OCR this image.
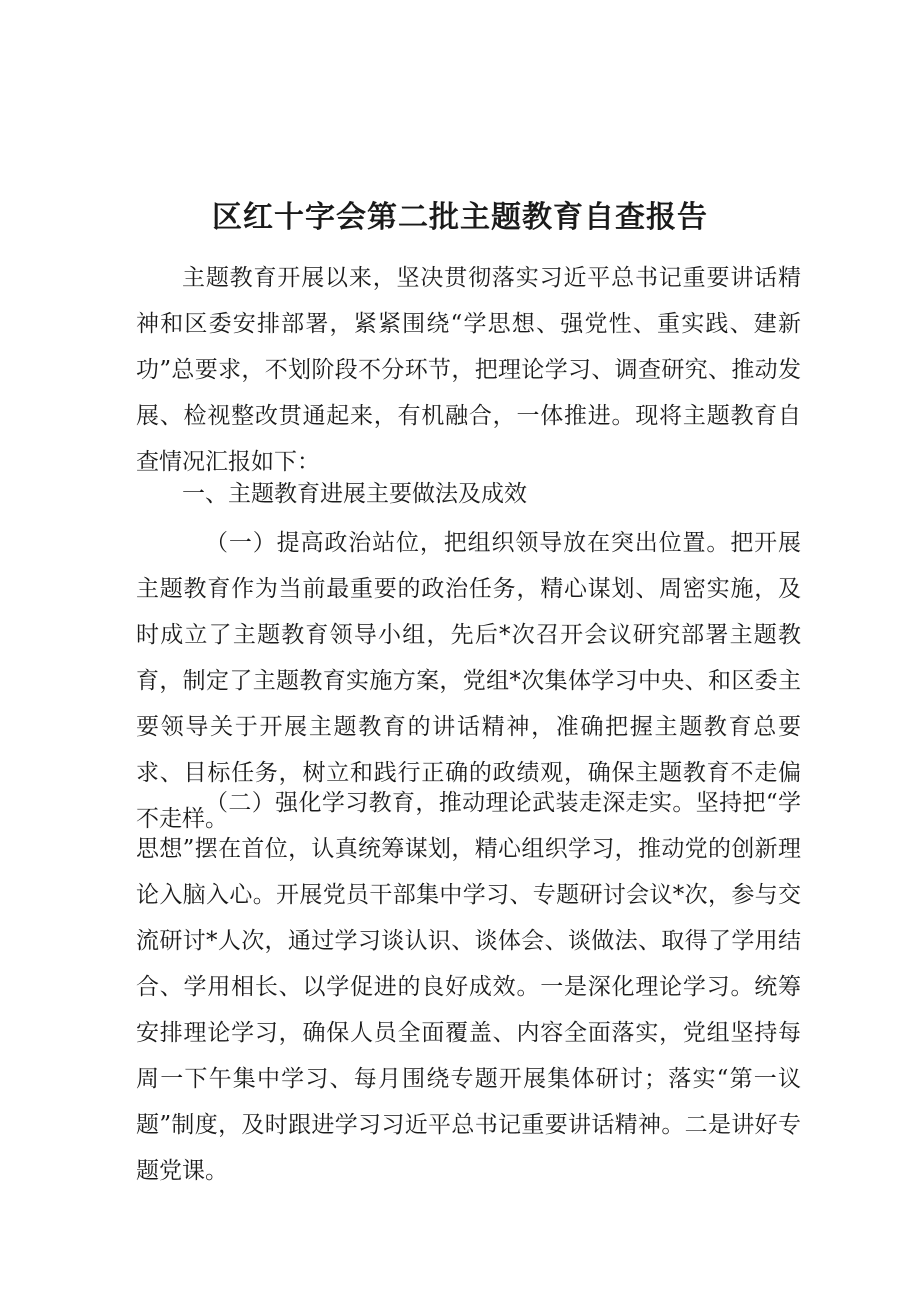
区红十字会第二批主题教育自查报告

主题教育开展以来，坚决贯彻落实习近平总书记重要讲话精神和区委安排部署，紧紧围绕“学思想、强党性、重实践、建新功”总要求，不划阶段不分环节，把理论学习、调查研究、推动发展、检视整改贯通起来，有机融合，一体推进。现将主题教育自查情况汇报如下：

一、主题教育进展主要做法及成效

（一）提高政治站位，把组织领导放在突出位置。把开展主题教育作为当前最重要的政治任务，精心谋划、周密实施，及时成立了主题教育领导小组，先后*次召开会议研究部署主题教育，制定了主题教育实施方案，党组*次集体学习中央、和区委主要领导关于开展主题教育的讲话精神，准确把握主题教育总要求、目标任务，树立和践行正确的政绩观，确保主题教育不走偏不走样。

（二）强化学习教育，推动理论武装走深走实。坚持把“学思想”摆在首位，认真统筹谋划，精心组织学习，推动党的创新理论入脑入心。开展党员干部集中学习、专题研讨会议*次，参与交流研讨*人次，通过学习谈认识、谈体会、谈做法、取得了学用结合、学用相长、以学促进的良好成效。一是深化理论学习。统筹安排理论学习，确保人员全面覆盖、内容全面落实，党组坚持每周一下午集中学习、每月围绕专题开展集体研讨；落实“第一议题”制度，及时跟进学习习近平总书记重要讲话精神。二是讲好专题党课。
